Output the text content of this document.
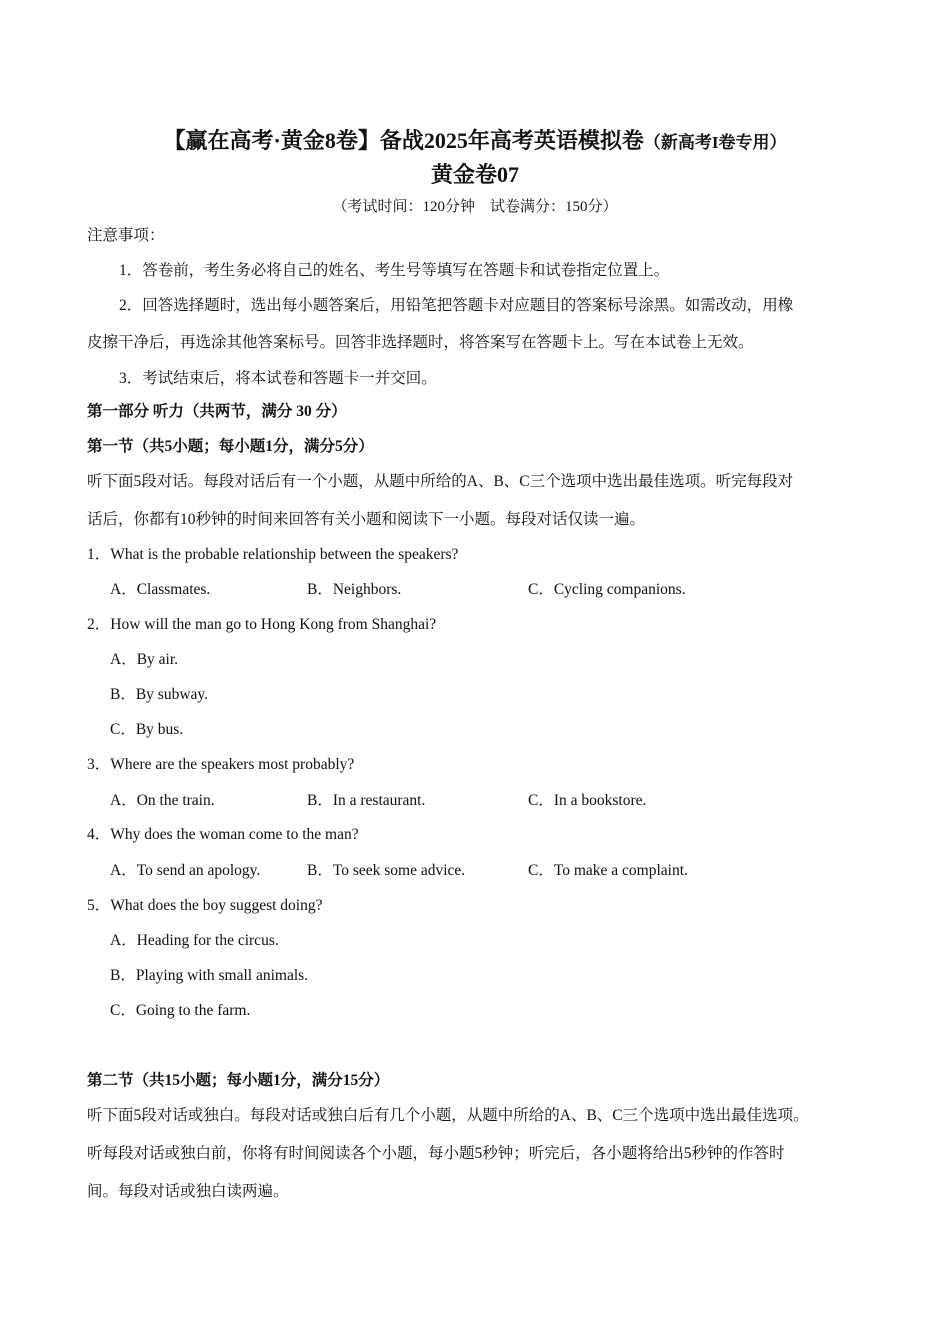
【赢在高考·黄金8卷】备战2025年高考英语模拟卷（新高考I卷专用）
黄金卷07
（考试时间：120分钟　试卷满分：150分）
注意事项：
1．答卷前，考生务必将自己的姓名、考生号等填写在答题卡和试卷指定位置上。
2．回答选择题时，选出每小题答案后，用铅笔把答题卡对应题目的答案标号涂黑。如需改动，用橡
皮擦干净后，再选涂其他答案标号。回答非选择题时，将答案写在答题卡上。写在本试卷上无效。
3．考试结束后，将本试卷和答题卡一并交回。
第一部分 听力（共两节，满分 30 分）
第一节（共5小题；每小题1分，满分5分）
听下面5段对话。每段对话后有一个小题，从题中所给的A、B、C三个选项中选出最佳选项。听完每段对
话后，你都有10秒钟的时间来回答有关小题和阅读下一小题。每段对话仅读一遍。
1．What is the probable relationship between the speakers?
A．Classmates.	B．Neighbors.	C．Cycling companions.
2．How will the man go to Hong Kong from Shanghai?
A．By air.
B．By subway.
C．By bus.
3．Where are the speakers most probably?
A．On the train.	B．In a restaurant.	C．In a bookstore.
4．Why does the woman come to the man?
A．To send an apology.	B．To seek some advice.	C．To make a complaint.
5．What does the boy suggest doing?
A．Heading for the circus.
B．Playing with small animals.
C．Going to the farm.
第二节（共15小题；每小题1分，满分15分）
听下面5段对话或独白。每段对话或独白后有几个小题，从题中所给的A、B、C三个选项中选出最佳选项。
听每段对话或独白前，你将有时间阅读各个小题，每小题5秒钟；听完后，各小题将给出5秒钟的作答时
间。每段对话或独白读两遍。
